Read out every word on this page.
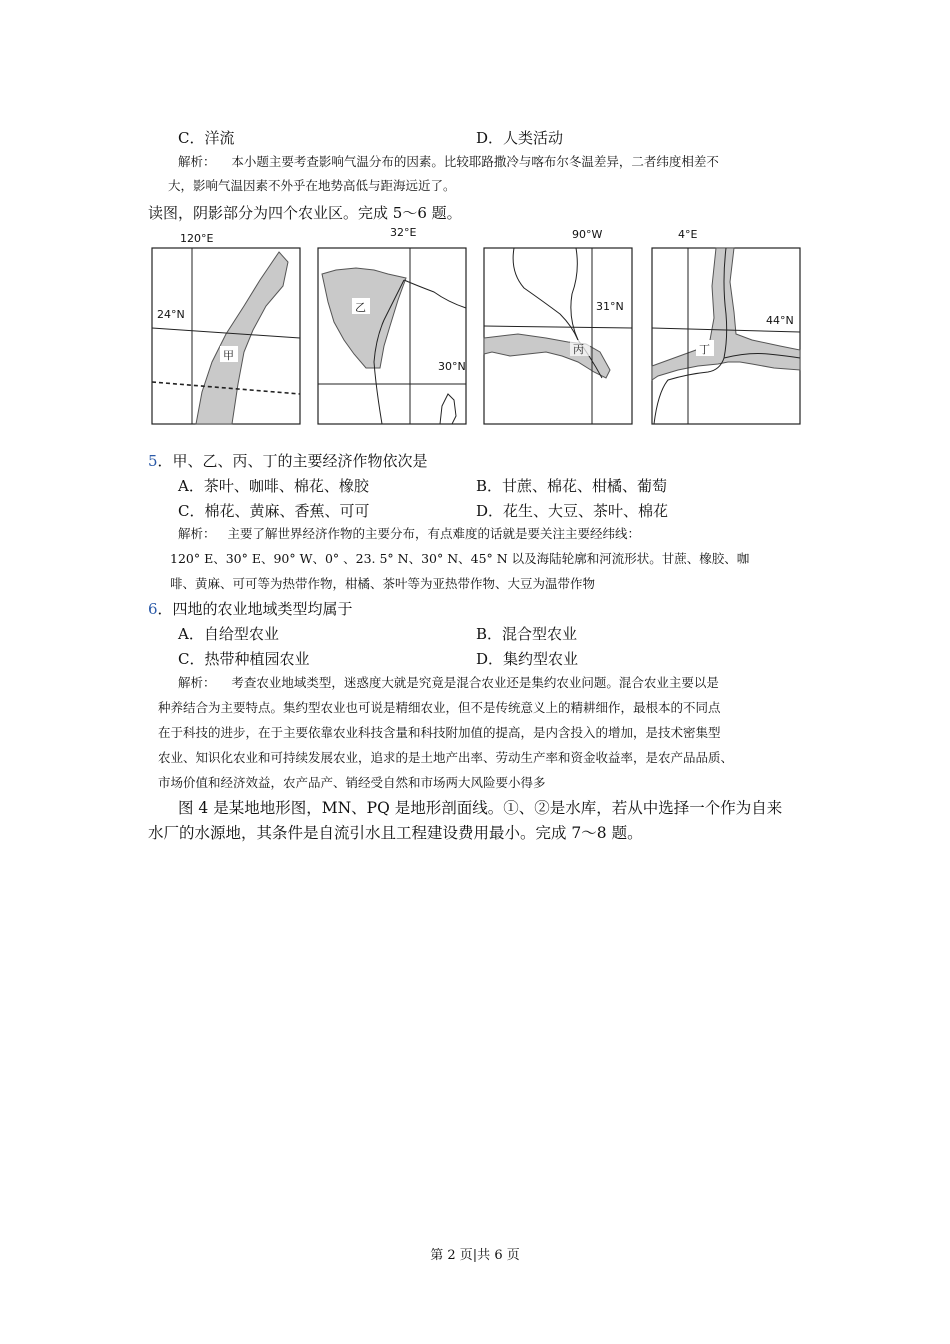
C．洋流	D．人类活动
解析： 本小题主要考查影响气温分布的因素。比较耶路撒冷与喀布尔冬温差异，二者纬度相差不
大，影响气温因素不外乎在地势高低与距海远近了。
读图，阴影部分为四个农业区。完成 5～6 题。
120°E
24°N
甲
32°E
30°N
乙
90°W
31°N
丙
4°E
44°N
丁
5．甲、乙、丙、丁的主要经济作物依次是
A．茶叶、咖啡、棉花、橡胶	B．甘蔗、棉花、柑橘、葡萄
C．棉花、黄麻、香蕉、可可	D．花生、大豆、茶叶、棉花
解析： 主要了解世界经济作物的主要分布，有点难度的话就是要关注主要经纬线：
120° E、30° E、90° W、0° 、23. 5° N、30° N、45° N 以及海陆轮廓和河流形状。甘蔗、橡胶、咖
啡、黄麻、可可等为热带作物，柑橘、茶叶等为亚热带作物、大豆为温带作物
6．四地的农业地域类型均属于
A．自给型农业	B．混合型农业
C．热带种植园农业	D．集约型农业
解析： 考查农业地域类型，迷惑度大就是究竟是混合农业还是集约农业问题。混合农业主要以是
种养结合为主要特点。集约型农业也可说是精细农业，但不是传统意义上的精耕细作，最根本的不同点
在于科技的进步，在于主要依靠农业科技含量和科技附加值的提高，是内含投入的增加，是技术密集型
农业、知识化农业和可持续发展农业，追求的是土地产出率、劳动生产率和资金收益率，是农产品品质、
市场价值和经济效益，农产品产、销经受自然和市场两大风险要小得多
图 4 是某地地形图，MN、PQ 是地形剖面线。①、②是水库，若从中选择一个作为自来
水厂的水源地，其条件是自流引水且工程建设费用最小。完成 7～8 题。
第 2 页|共 6 页
